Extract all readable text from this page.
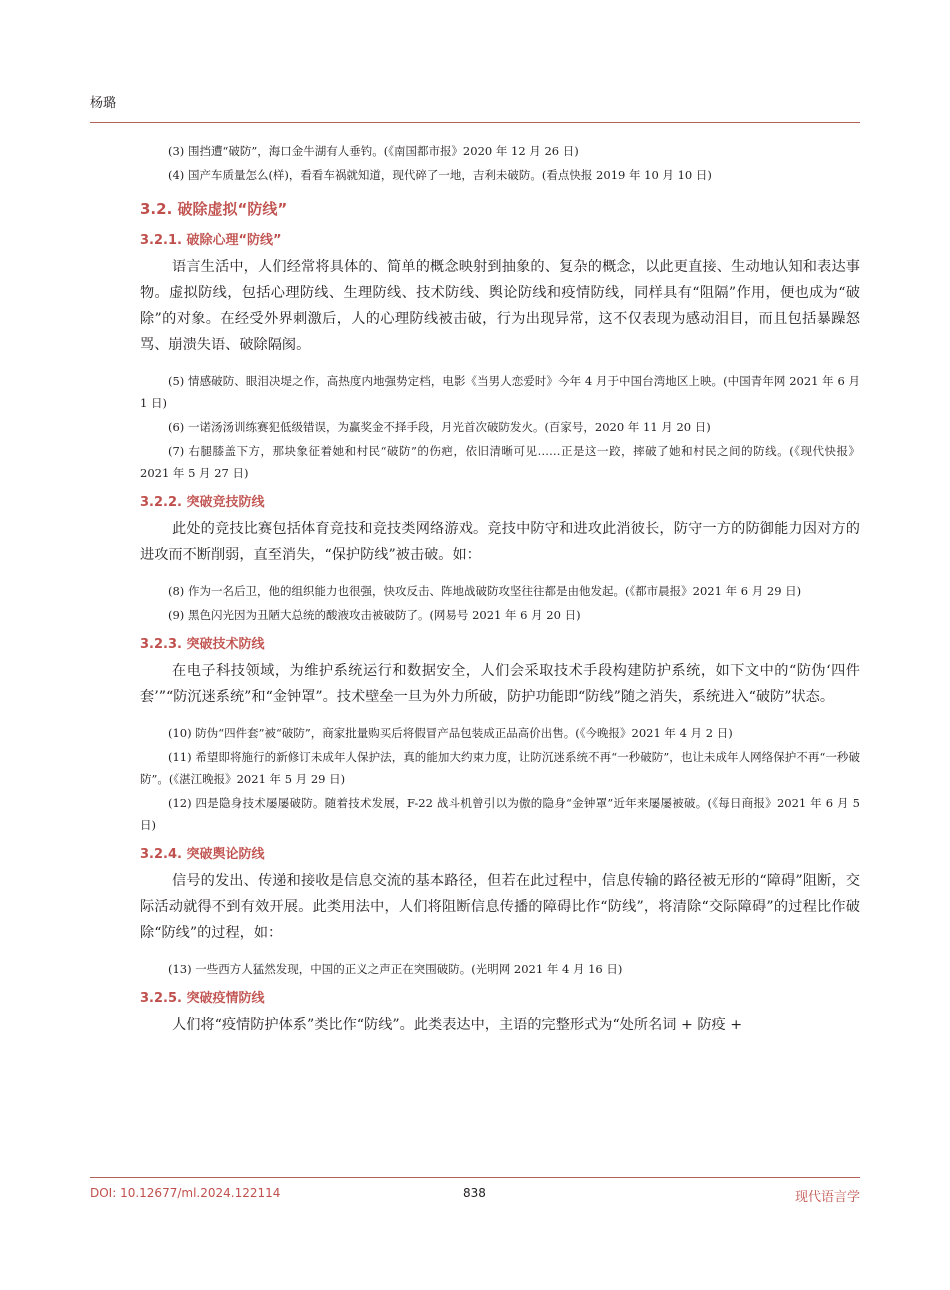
杨璐

(3) 围挡遭“破防”，海口金牛湖有人垂钓。(《南国都市报》2020 年 12 月 26 日)

(4) 国产车质量怎么(样)，看看车祸就知道，现代碎了一地，吉利未破防。(看点快报 2019 年 10 月 10 日)

3.2. 破除虚拟“防线”
3.2.1. 破除心理“防线”

语言生活中，人们经常将具体的、简单的概念映射到抽象的、复杂的概念，以此更直接、生动地认知和表达事物。虚拟防线，包括心理防线、生理防线、技术防线、舆论防线和疫情防线，同样具有“阻隔”作用，便也成为“破除”的对象。在经受外界刺激后，人的心理防线被击破，行为出现异常，这不仅表现为感动泪目，而且包括暴躁怒骂、崩溃失语、破除隔阂。

(5) 情感破防、眼泪决堤之作，高热度内地强势定档，电影《当男人恋爱时》今年 4 月于中国台湾地区上映。(中国青年网 2021 年 6 月 1 日)

(6) 一诺汤汤训练赛犯低级错误，为赢奖金不择手段，月光首次破防发火。(百家号，2020 年 11 月 20 日)

(7) 右腿膝盖下方，那块象征着她和村民“破防”的伤疤，依旧清晰可见……正是这一跤，摔破了她和村民之间的防线。(《现代快报》2021 年 5 月 27 日)

3.2.2. 突破竞技防线

此处的竞技比赛包括体育竞技和竞技类网络游戏。竞技中防守和进攻此消彼长，防守一方的防御能力因对方的进攻而不断削弱，直至消失，“保护防线”被击破。如：

(8) 作为一名后卫，他的组织能力也很强，快攻反击、阵地战破防攻坚往往都是由他发起。(《都市晨报》2021 年 6 月 29 日)

(9) 黑色闪光因为丑陋大总统的酸液攻击被破防了。(网易号 2021 年 6 月 20 日)

3.2.3. 突破技术防线

在电子科技领域，为维护系统运行和数据安全，人们会采取技术手段构建防护系统，如下文中的“防伪‘四件套’”“防沉迷系统”和“金钟罩”。技术壁垒一旦为外力所破，防护功能即“防线”随之消失，系统进入“破防”状态。

(10) 防伪“四件套”被“破防”，商家批量购买后将假冒产品包装成正品高价出售。(《今晚报》2021 年 4 月 2 日)

(11) 希望即将施行的新修订未成年人保护法，真的能加大约束力度，让防沉迷系统不再“一秒破防”，也让未成年人网络保护不再“一秒破防”。(《湛江晚报》2021 年 5 月 29 日)

(12) 四是隐身技术屡屡破防。随着技术发展，F-22 战斗机曾引以为傲的隐身“金钟罩”近年来屡屡被破。(《每日商报》2021 年 6 月 5 日)

3.2.4. 突破舆论防线

信号的发出、传递和接收是信息交流的基本路径，但若在此过程中，信息传输的路径被无形的“障碍”阻断，交际活动就得不到有效开展。此类用法中，人们将阻断信息传播的障碍比作“防线”，将清除“交际障碍”的过程比作破除“防线”的过程，如：

(13) 一些西方人猛然发现，中国的正义之声正在突围破防。(光明网 2021 年 4 月 16 日)

3.2.5. 突破疫情防线

人们将“疫情防护体系”类比作“防线”。此类表达中，主语的完整形式为“处所名词 + 防疫 +

DOI: 10.12677/ml.2024.122114	838	现代语言学
